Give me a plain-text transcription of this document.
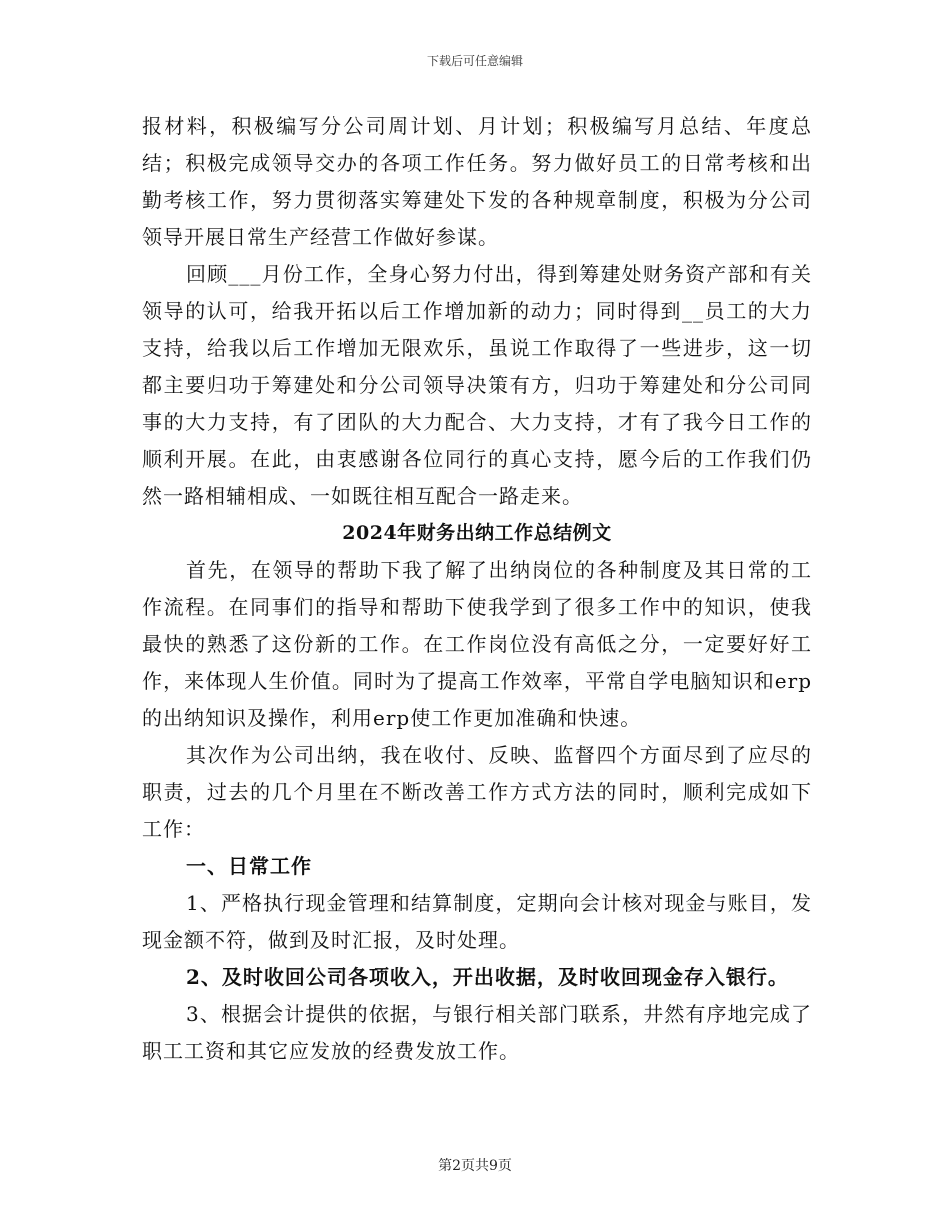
下载后可任意编辑

报材料，积极编写分公司周计划、月计划；积极编写月总结、年度总结；积极完成领导交办的各项工作任务。努力做好员工的日常考核和出勤考核工作，努力贯彻落实筹建处下发的各种规章制度，积极为分公司领导开展日常生产经营工作做好参谋。

回顾___月份工作，全身心努力付出，得到筹建处财务资产部和有关领导的认可，给我开拓以后工作增加新的动力；同时得到__员工的大力支持，给我以后工作增加无限欢乐，虽说工作取得了一些进步，这一切都主要归功于筹建处和分公司领导决策有方，归功于筹建处和分公司同事的大力支持，有了团队的大力配合、大力支持，才有了我今日工作的顺利开展。在此，由衷感谢各位同行的真心支持，愿今后的工作我们仍然一路相辅相成、一如既往相互配合一路走来。

2024年财务出纳工作总结例文

首先，在领导的帮助下我了解了出纳岗位的各种制度及其日常的工作流程。在同事们的指导和帮助下使我学到了很多工作中的知识，使我最快的熟悉了这份新的工作。在工作岗位没有高低之分，一定要好好工作，来体现人生价值。同时为了提高工作效率，平常自学电脑知识和erp的出纳知识及操作，利用erp使工作更加准确和快速。

其次作为公司出纳，我在收付、反映、监督四个方面尽到了应尽的职责，过去的几个月里在不断改善工作方式方法的同时，顺利完成如下工作：

一、日常工作

1、严格执行现金管理和结算制度，定期向会计核对现金与账目，发现金额不符，做到及时汇报，及时处理。

2、及时收回公司各项收入，开出收据，及时收回现金存入银行。

3、根据会计提供的依据，与银行相关部门联系，井然有序地完成了职工工资和其它应发放的经费发放工作。

第2页共9页
